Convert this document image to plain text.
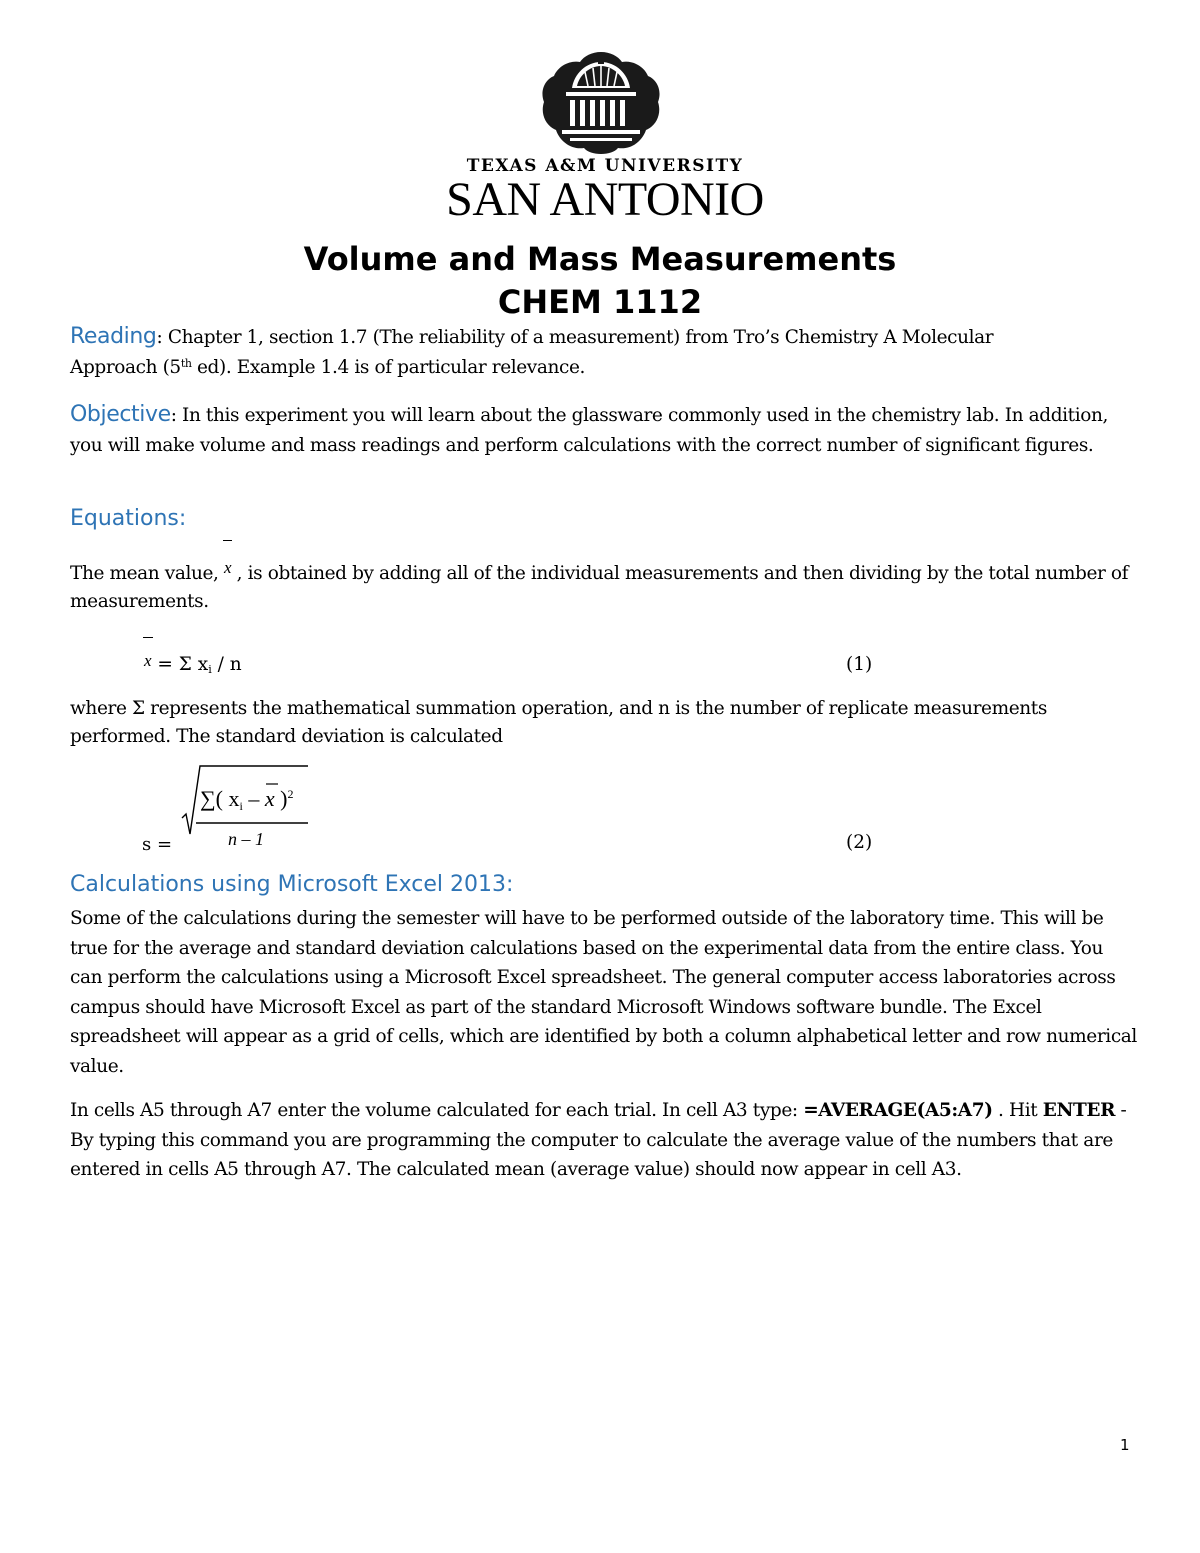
TEXAS A&M UNIVERSITY
SAN ANTONIO
Volume and Mass Measurements
CHEM 1112
Reading: Chapter 1, section 1.7 (The reliability of a measurement) from Tro’s Chemistry A Molecular
Approach (5th ed). Example 1.4 is of particular relevance.
Objective: In this experiment you will learn about the glassware commonly used in the chemistry lab. In addition, you will make volume and mass readings and perform calculations with the correct number of significant figures.
Equations:
The mean value, x , is obtained by adding all of the individual measurements and then dividing by the total number of measurements.
x = Σ $x_i$ / n	(1)
where Σ represents the mathematical summation operation, and n is the number of replicate measurements performed. The standard deviation is calculated
s =
∑( xi – x )$^2$
n – 1	(2)
Calculations using Microsoft Excel 2013:
Some of the calculations during the semester will have to be performed outside of the laboratory time. This will be true for the average and standard deviation calculations based on the experimental data from the entire class. You can perform the calculations using a Microsoft Excel spreadsheet. The general computer access laboratories across campus should have Microsoft Excel as part of the standard Microsoft Windows software bundle. The Excel spreadsheet will appear as a grid of cells, which are identified by both a column alphabetical letter and row numerical value.
In cells A5 through A7 enter the volume calculated for each trial. In cell A3 type: =AVERAGE(A5:A7) . Hit ENTER -By typing this command you are programming the computer to calculate the average value of the numbers that are entered in cells A5 through A7. The calculated mean (average value) should now appear in cell A3.
1
